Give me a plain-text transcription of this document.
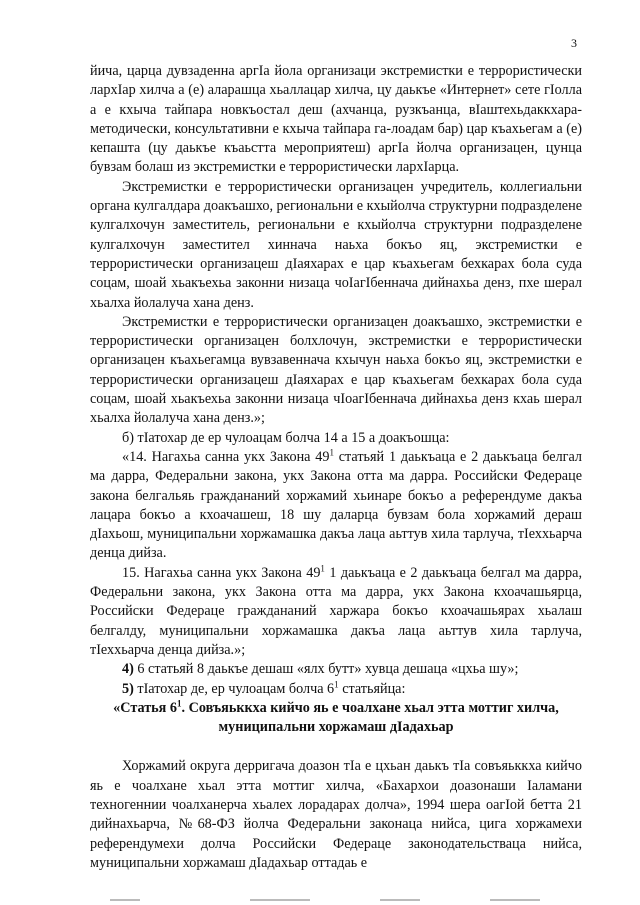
3

йича, царца дувзаденна аргӀа йола организаци экстремистки е террористически лархӀар хилча а (е) аларашца хьаллацар хилча, цу даькъе «Интернет» сете гӀолла а е кхыча тайпара новкъостал деш (ахчанца, рузкъанца, вӀаштехьдаккхара-методически, консультативни е кхыча тайпара га-лоадам бар) цар къахьегам а (е) кепашта (цу даькъе къаьстта мероприятеш) аргӀа йолча организацен, цунца бувзам болаш из экстремистки е террористически лархӀарца.

Экстремистки е террористически организацен учредитель, коллегиальни органа кулгалдара доакъашхо, региональни е кхыйолча структурни подразделене кулгалхочун заместитель, региональни е кхыйолча структурни подразделене кулгалхочун заместител хиннача наьха бокъо яц, экстремистки е террористически организацеш дӀаяхарах е цар къахьегам бехкарах бола суда соцам, шоай хьакъехьа законни низаца чоӀагӀбеннача дийнахьа денз, пхе шерал хьалха йолалуча хана денз.

Экстремистки е террористически организацен доакъашхо, экстремистки е террористически организацен болхлочун, экстремистки е террористически организацен къахьегамца вувзавеннача кхычун наьха бокъо яц, экстремистки е террористически организацеш дӀаяхарах е цар къахьегам бехкарах бола суда соцам, шоай хьакъехьа законни низаца чӀоагӀбеннача дийнахьа денз кхаь шерал хьалха йолалуча хана денз.»;

б) тӀатохар де ер чулоацам болча 14 а 15 а доакъошца:

«14. Нагахьа санна укх Закона $49^1$ статьяй 1 даькъаца е 2 даькъаца белгал ма дарра, Федеральни закона, укх Закона отта ма дарра. Российски Федераце закона белгальяь граждананий хоржамий хьинаре бокъо а референдуме дакъа лацара бокъо а кхоачашеш, 18 шу даларца бувзам бола хоржамий дераш дӀахьош, муниципальни хоржамашка дакъа лаца аьттув хила тарлуча, тӀеххьарча денца дийза.

15. Нагахьа санна укх Закона $49^1$ 1 даькъаца е 2 даькъаца белгал ма дарра, Федеральни закона, укх Закона отта ма дарра, укх Закона кхоачашьярца, Российски Федераце граждананий харжара бокъо кхоачашьярах хьалаш белгалду, муниципальни хоржамашка дакъа лаца аьттув хила тарлуча, тӀеххьарча денца дийза.»;

4) 6 статьяй 8 даькъе дешаш «ялх бутт» хувца дешаца «цхьа шу»;

5) тӀатохар де, ер чулоацам болча $6^1$ статьяйца:

«Статья $6^1$. Совъяьккха кийчо яь е чоалхане хьал этта моттиг хилча, муниципальни хоржамаш дӀадахьар

Хоржамий округа дерригача доазон тӀа е цхьан даькъ тӀа совъяьккха кийчо яь е чоалхане хьал этта моттиг хилча, «Бахархои доазонаши Ӏаламани техногеннии чоалханерча хьалех лорадарах долча», 1994 шера оагӀой бетта 21 дийнахьарча, №68-ФЗ йолча Федеральни законаца нийса, цига хоржамехи референдумехи долча Российски Федераце законодательстваца нийса, муниципальни хоржамаш дӀадахьар оттадаь е
